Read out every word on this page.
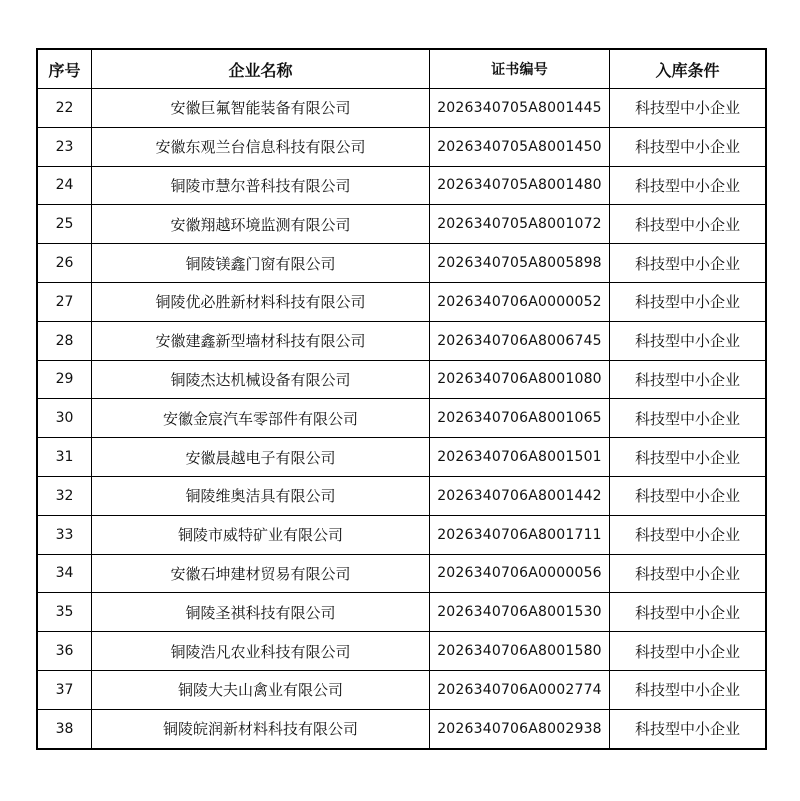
序号	企业名称	证书编号	入库条件
22	安徽巨氟智能装备有限公司	2026340705A8001445	科技型中小企业
23	安徽东观兰台信息科技有限公司	2026340705A8001450	科技型中小企业
24	铜陵市慧尔普科技有限公司	2026340705A8001480	科技型中小企业
25	安徽翔越环境监测有限公司	2026340705A8001072	科技型中小企业
26	铜陵镁鑫门窗有限公司	2026340705A8005898	科技型中小企业
27	铜陵优必胜新材料科技有限公司	2026340706A0000052	科技型中小企业
28	安徽建鑫新型墙材科技有限公司	2026340706A8006745	科技型中小企业
29	铜陵杰达机械设备有限公司	2026340706A8001080	科技型中小企业
30	安徽金宸汽车零部件有限公司	2026340706A8001065	科技型中小企业
31	安徽晨越电子有限公司	2026340706A8001501	科技型中小企业
32	铜陵维奥洁具有限公司	2026340706A8001442	科技型中小企业
33	铜陵市威特矿业有限公司	2026340706A8001711	科技型中小企业
34	安徽石坤建材贸易有限公司	2026340706A0000056	科技型中小企业
35	铜陵圣祺科技有限公司	2026340706A8001530	科技型中小企业
36	铜陵浩凡农业科技有限公司	2026340706A8001580	科技型中小企业
37	铜陵大夫山禽业有限公司	2026340706A0002774	科技型中小企业
38	铜陵皖润新材料科技有限公司	2026340706A8002938	科技型中小企业
